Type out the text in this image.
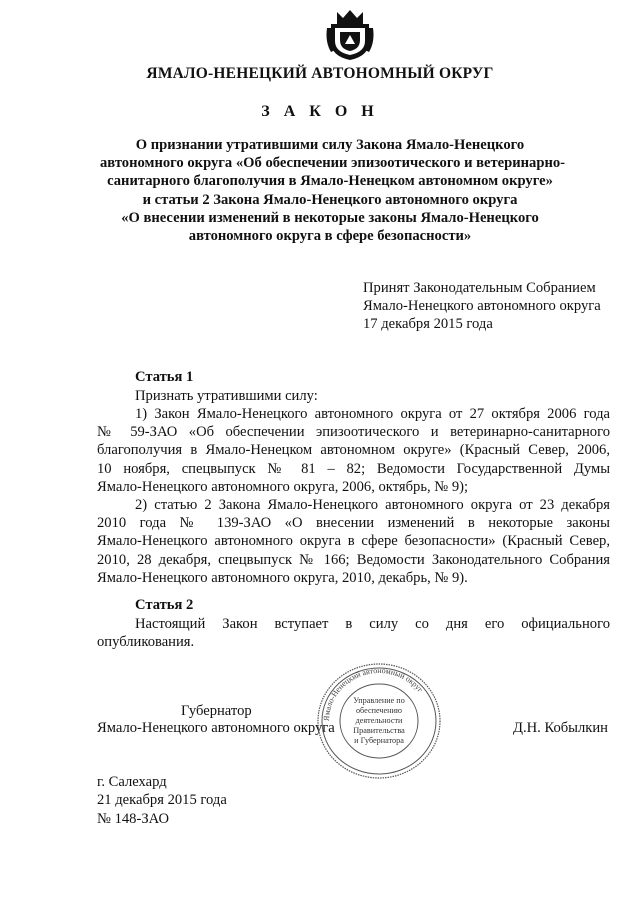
ЯМАЛО-НЕНЕЦКИЙ АВТОНОМНЫЙ ОКРУГ
З А К О Н
О признании утратившими силу Закона Ямало-Ненецкого
автономного округа «Об обеспечении эпизоотического и ветеринарно-
санитарного благополучия в Ямало-Ненецком автономном округе»
и статьи 2 Закона Ямало-Ненецкого автономного округа
«О внесении изменений в некоторые законы Ямало-Ненецкого
автономного округа в сфере безопасности»
Принят Законодательным Собранием
Ямало-Ненецкого автономного округа
17 декабря 2015 года
Статья 1
Признать утратившими силу:
1) Закон Ямало-Ненецкого автономного округа от 27 октября 2006 года
№ 59-ЗАО «Об обеспечении эпизоотического и ветеринарно-санитарного
благополучия в Ямало-Ненецком автономном округе» (Красный Север, 2006,
10 ноября, спецвыпуск № 81 – 82; Ведомости Государственной Думы
Ямало-Ненецкого автономного округа, 2006, октябрь, № 9);
2) статью 2 Закона Ямало-Ненецкого автономного округа от 23 декабря
2010 года № 139-ЗАО «О внесении изменений в некоторые законы
Ямало-Ненецкого автономного округа в сфере безопасности» (Красный Север,
2010, 28 декабря, спецвыпуск № 166; Ведомости Законодательного Собрания
Ямало-Ненецкого автономного округа, 2010, декабрь, № 9).
Статья 2
Настоящий Закон вступает в силу со дня его официального
опубликования.
Губернатор
Ямало-Ненецкого автономного округа	Д.Н. Кобылкин
Ямало-Ненецкий автономный округ
Управление по
обеспечению
деятельности
Правительства
и Губернатора
г. Салехард
21 декабря 2015 года
№ 148-ЗАО
